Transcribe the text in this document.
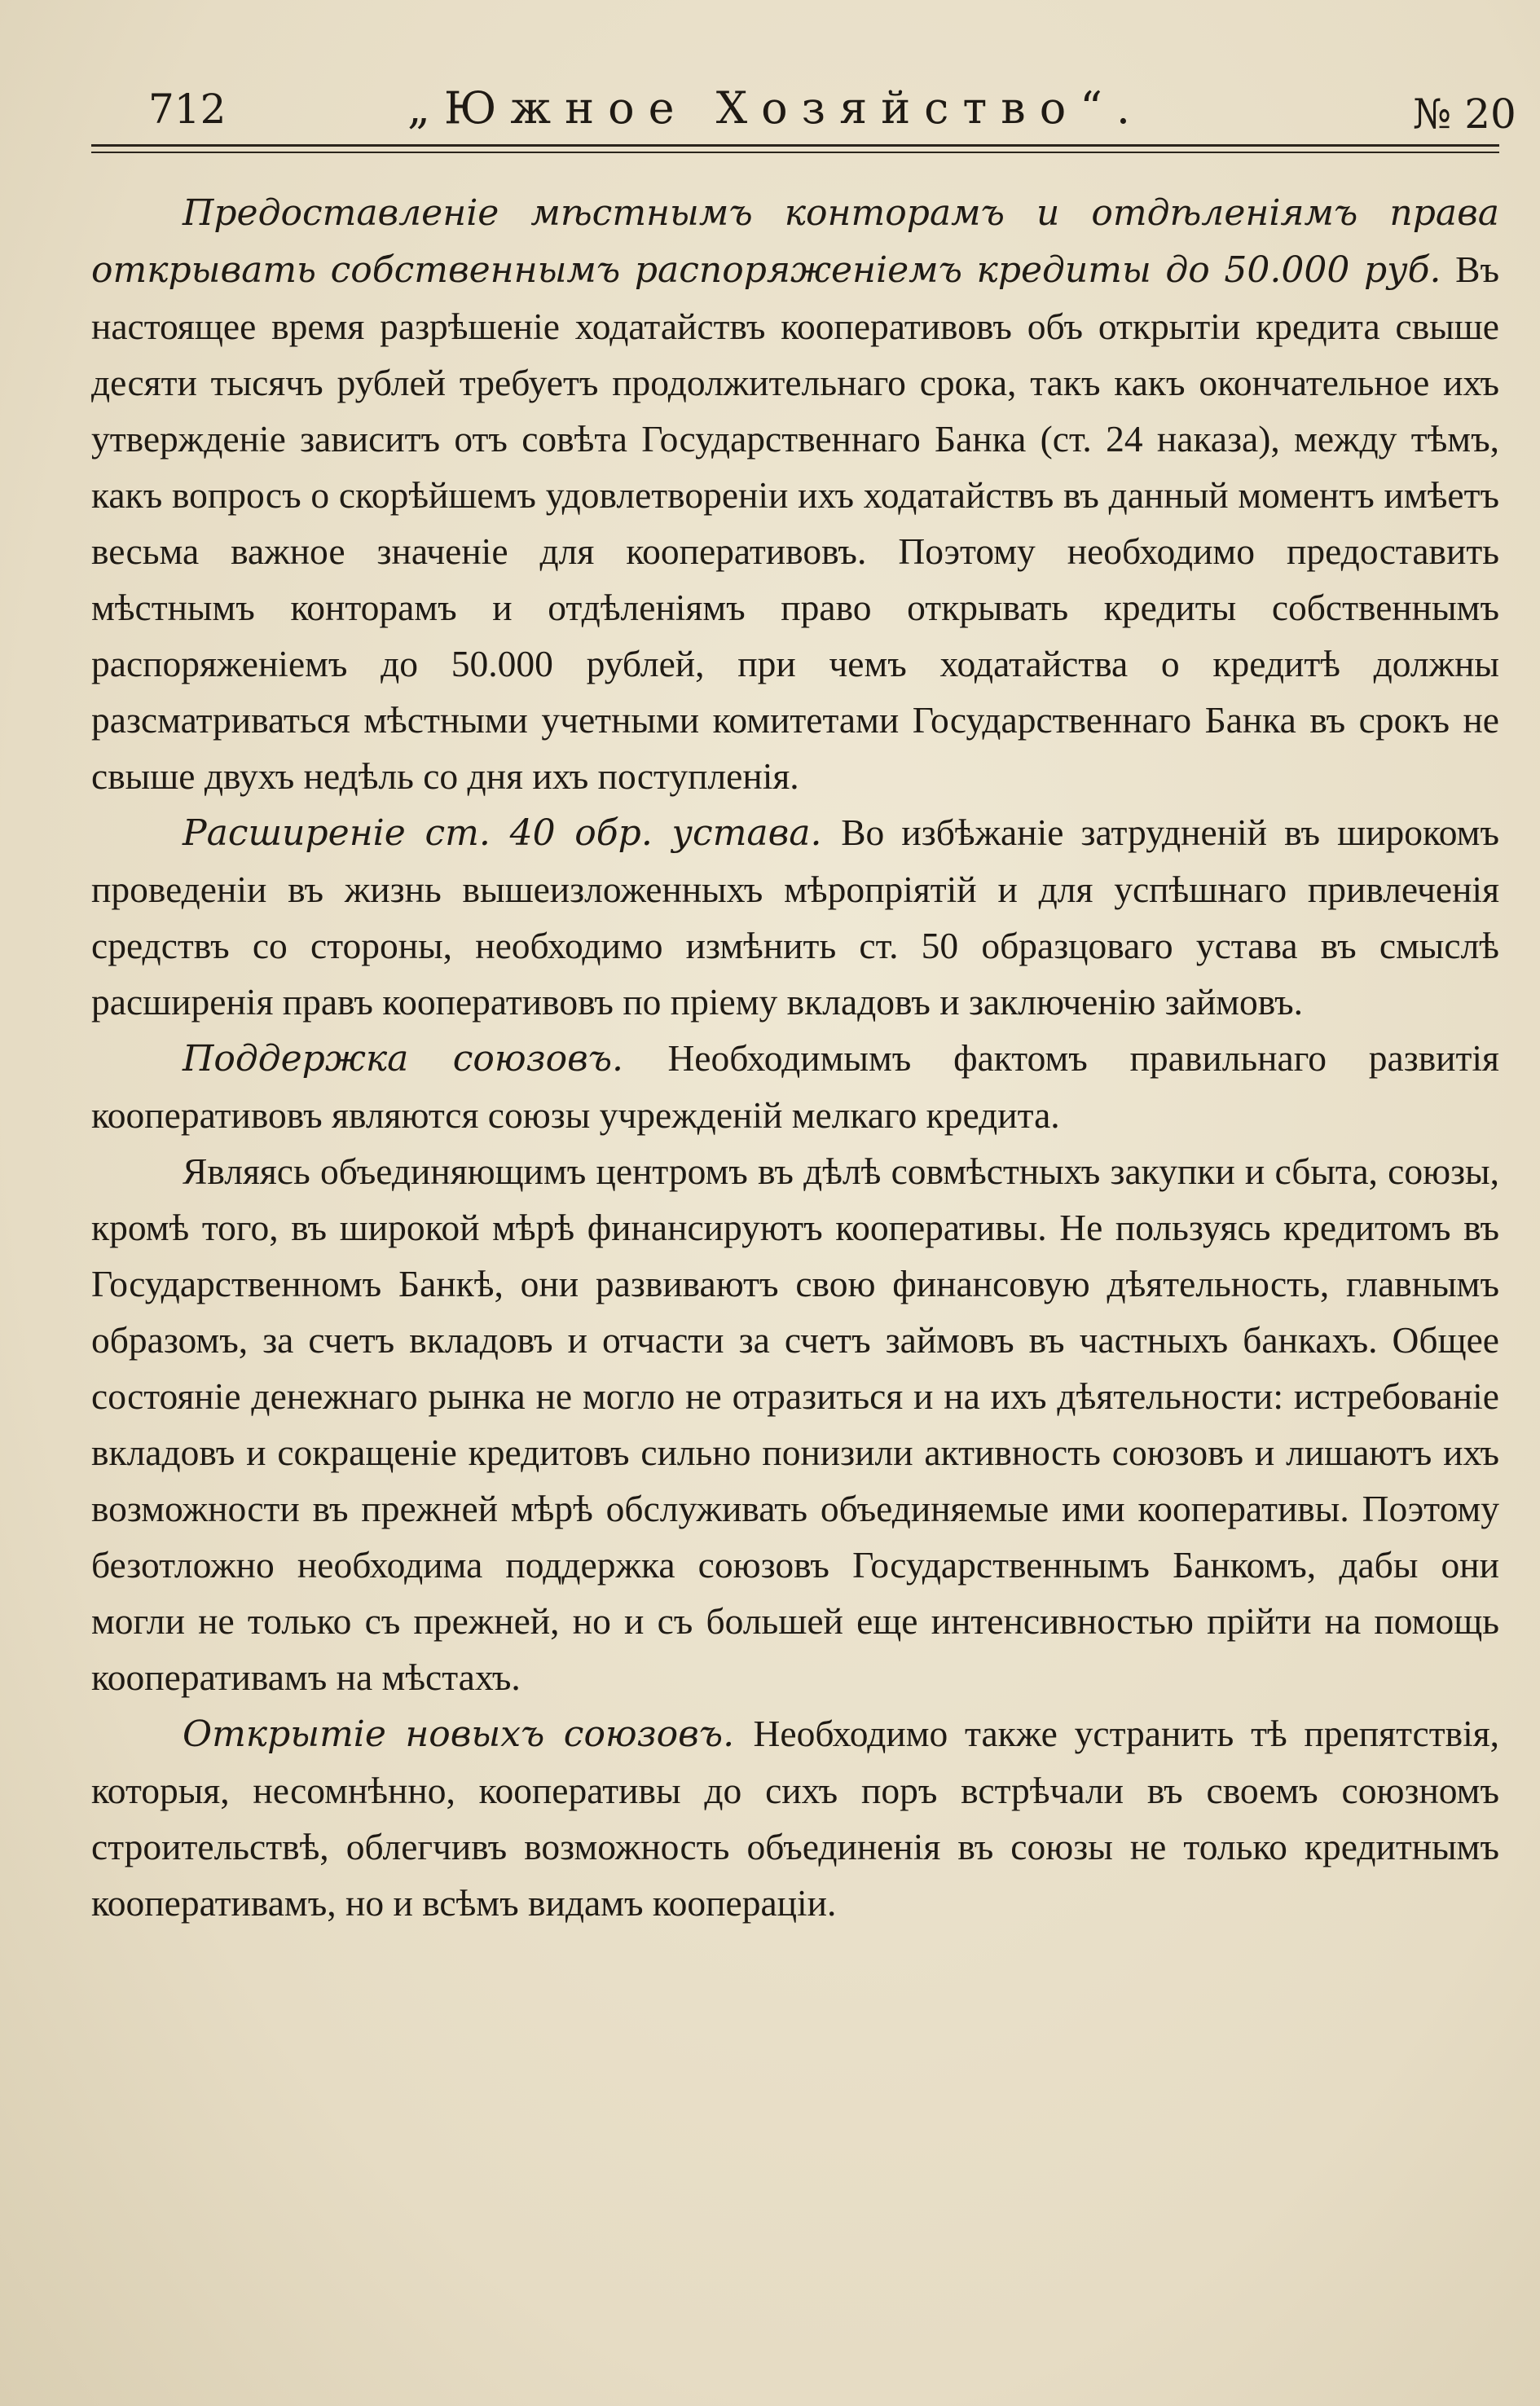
712	„Южное Хозяйство“.	№ 20

Предоставленіе мѣстнымъ конторамъ и отдѣленіямъ права открывать собственнымъ распоряженіемъ кредиты до 50.000 руб. Въ настоящее время разрѣшеніе ходатайствъ кооперативовъ объ открытіи кредита свыше десяти тысячъ рублей требуетъ продолжительнаго срока, такъ какъ окончательное ихъ утвержденіе зависитъ отъ совѣта Государственнаго Банка (ст. 24 наказа), между тѣмъ, какъ вопросъ о скорѣйшемъ удовлетвореніи ихъ ходатайствъ въ данный моментъ имѣетъ весьма важное значеніе для кооперативовъ. Поэтому необходимо предоставить мѣстнымъ конторамъ и отдѣленіямъ право открывать кредиты собственнымъ распоряженіемъ до 50.000 рублей, при чемъ ходатайства о кредитѣ должны разсматриваться мѣстными учетными комитетами Государственнаго Банка въ срокъ не свыше двухъ недѣль со дня ихъ поступленія.

Расширеніе ст. 40 обр. устава. Во избѣжаніе затрудненій въ широкомъ проведеніи въ жизнь вышеизложенныхъ мѣропріятій и для успѣшнаго привлеченія средствъ со стороны, необходимо измѣнить ст. 50 образцоваго устава въ смыслѣ расширенія правъ кооперативовъ по пріему вкладовъ и заключенію займовъ.

Поддержка союзовъ. Необходимымъ фактомъ правильнаго развитія кооперативовъ являются союзы учрежденій мелкаго кредита.

Являясь объединяющимъ центромъ въ дѣлѣ совмѣстныхъ закупки и сбыта, союзы, кромѣ того, въ широкой мѣрѣ финансируютъ кооперативы. Не пользуясь кредитомъ въ Государственномъ Банкѣ, они развиваютъ свою финансовую дѣятельность, главнымъ образомъ, за счетъ вкладовъ и отчасти за счетъ займовъ въ частныхъ банкахъ. Общее состояніе денежнаго рынка не могло не отразиться и на ихъ дѣятельности: истребованіе вкладовъ и сокращеніе кредитовъ сильно понизили активность союзовъ и лишаютъ ихъ возможности въ прежней мѣрѣ обслуживать объединяемые ими кооперативы. Поэтому безотложно необходима поддержка союзовъ Государственнымъ Банкомъ, дабы они могли не только съ прежней, но и съ большей еще интенсивностью прійти на помощь кооперативамъ на мѣстахъ.

Открытіе новыхъ союзовъ. Необходимо также устранить тѣ препятствія, которыя, несомнѣнно, кооперативы до сихъ поръ встрѣчали въ своемъ союзномъ строительствѣ, облегчивъ возможность объединенія въ союзы не только кредитнымъ кооперативамъ, но и всѣмъ видамъ коопераціи.
